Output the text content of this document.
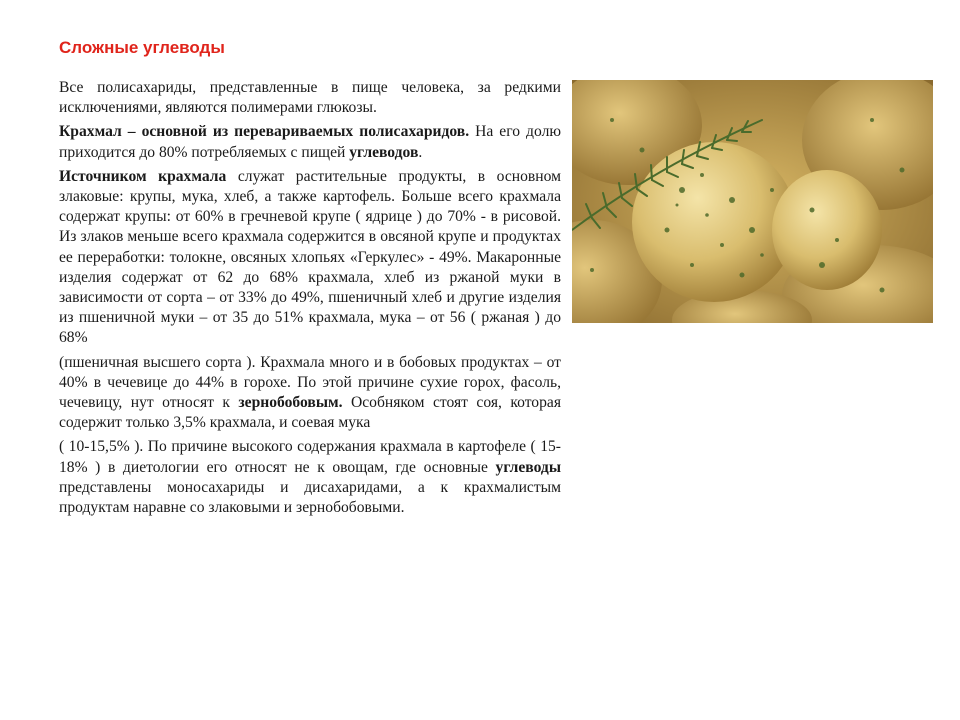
Сложные углеводы

Все полисахариды, представленные в пище человека, за редкими исключениями, являются полимерами глюкозы.

Крахмал – основной из перевариваемых полисахаридов. На его долю приходится до 80% потребляемых с пищей углеводов.

Источником крахмала служат растительные продукты, в основном злаковые: крупы, мука, хлеб, а также картофель. Больше всего крахмала содержат крупы: от 60% в гречневой крупе ( ядрице ) до 70% - в рисовой. Из злаков меньше всего крахмала содержится в овсяной крупе и продуктах ее переработки: толокне, овсяных хлопьях «Геркулес» - 49%. Макаронные изделия содержат от 62 до 68% крахмала, хлеб из ржаной муки в зависимости от сорта – от 33% до 49%, пшеничный хлеб и другие изделия из пшеничной муки – от 35 до 51% крахмала, мука – от 56 ( ржаная ) до 68%

(пшеничная высшего сорта ). Крахмала много и в бобовых продуктах – от 40% в чечевице до 44% в горохе. По этой причине сухие горох, фасоль, чечевицу, нут относят к зернобобовым. Особняком стоят соя, которая содержит только 3,5% крахмала, и соевая мука

( 10-15,5% ). По причине высокого содержания крахмала в картофеле ( 15-18% ) в диетологии его относят не к овощам, где основные углеводы представлены моносахариды и дисахаридами, а к крахмалистым продуктам наравне со злаковыми и зернобобовыми.
